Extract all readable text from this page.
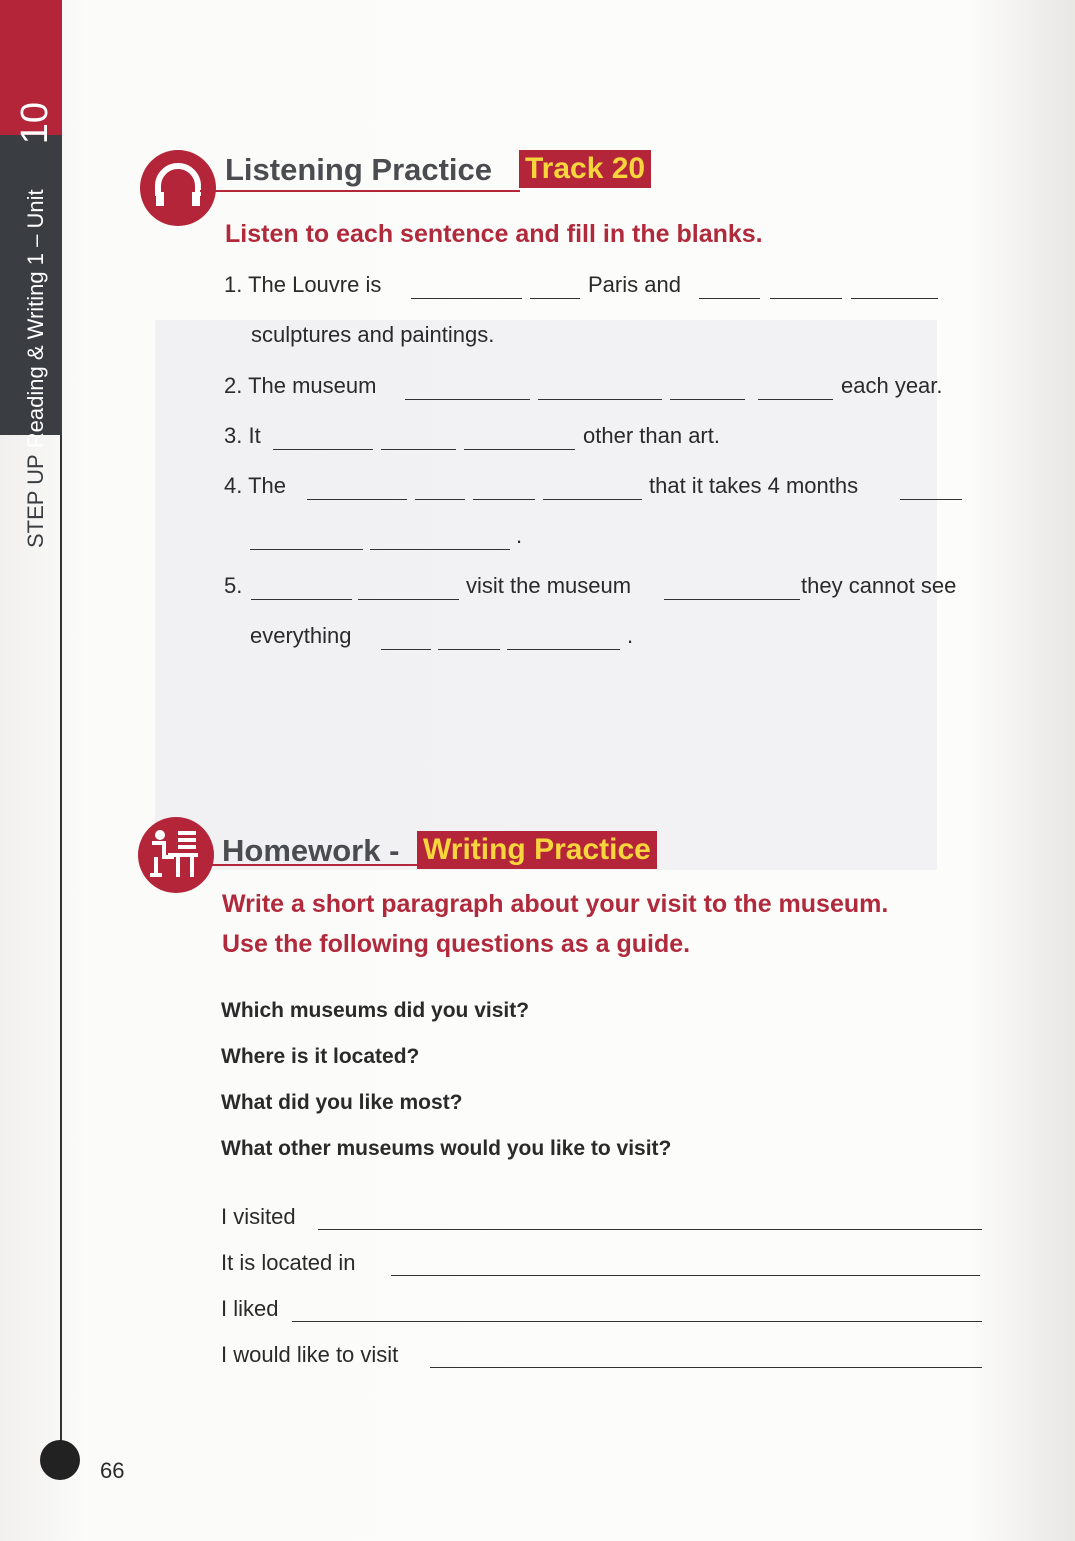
STEP UPReading & Writing 1 – Unit10
66
Listening Practice Track 20
Listen to each sentence and fill in the blanks.
1. The Louvre is	Paris and
sculptures and paintings.
2. The museum	each year.
3. It	other than art.
4. The	that it takes 4 months
.
5.	visit the museum	they cannot see
everything	.
Homework - Writing Practice
Write a short paragraph about your visit to the museum.
Use the following questions as a guide.
Which museums did you visit?
Where is it located?
What did you like most?
What other museums would you like to visit?
I visited
It is located in
I liked
I would like to visit
